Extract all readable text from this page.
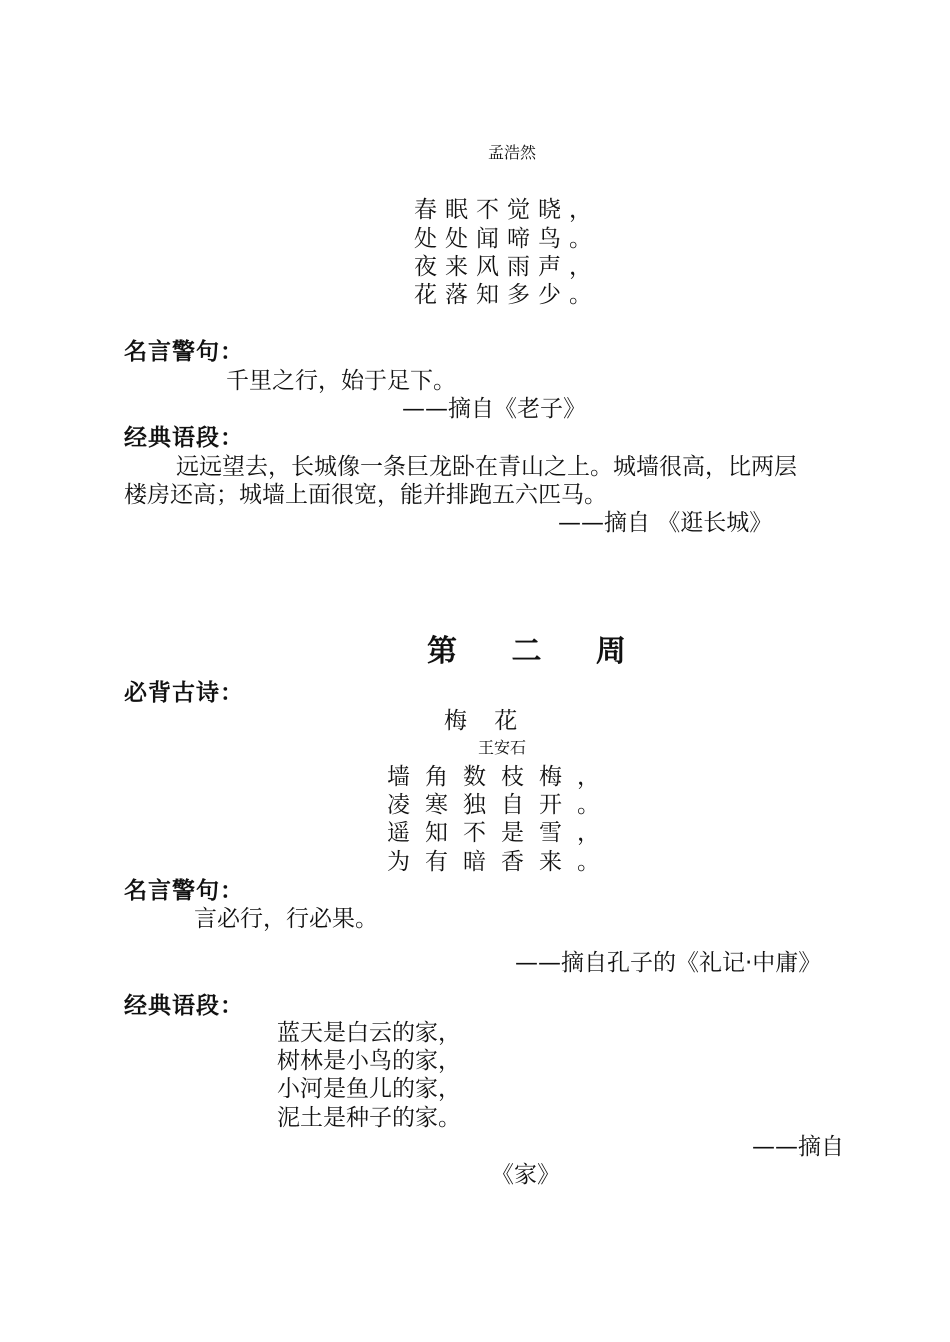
孟浩然
春眠不觉晓，
处处闻啼鸟。
夜来风雨声，
花落知多少。
名言警句：
千里之行，始于足下。
——摘自《老子》
经典语段：
远远望去，长城像一条巨龙卧在青山之上。城墙很高，比两层
楼房还高；城墙上面很宽，能并排跑五六匹马。
——摘自 《逛长城》
第 二 周
必背古诗：
梅 花
王安石
墙角数枝梅，
凌寒独自开。
遥知不是雪，
为有暗香来。
名言警句：
言必行，行必果。
——摘自孔子的《礼记·中庸》
经典语段：
蓝天是白云的家，
树林是小鸟的家，
小河是鱼儿的家，
泥土是种子的家。
——摘自
《家》
